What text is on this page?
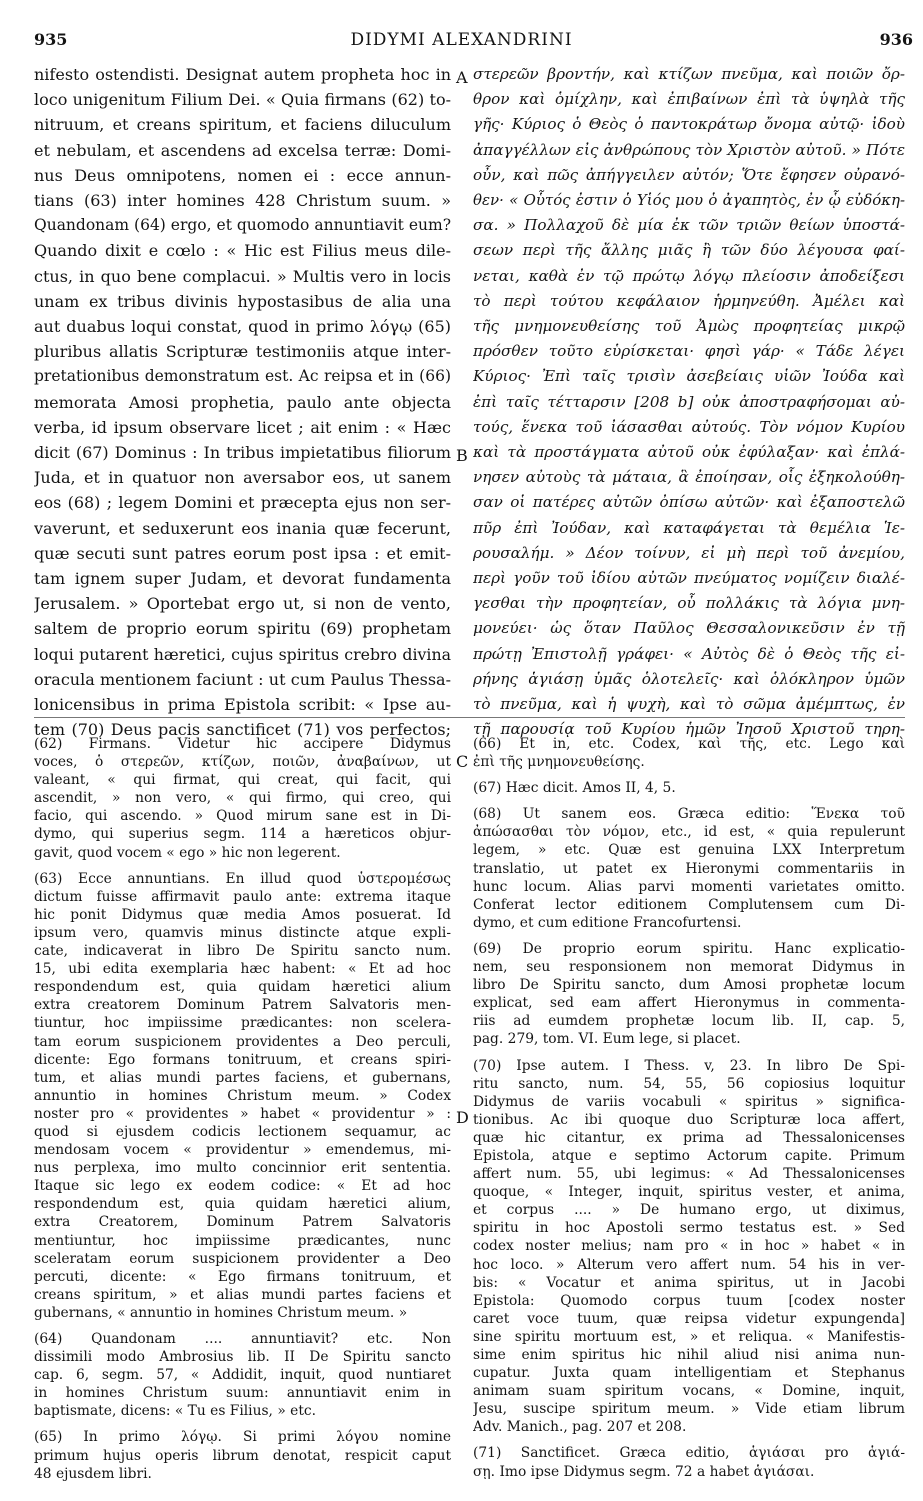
935	DIDYMI ALEXANDRINI	936
nifesto ostendisti. Designat autem propheta hoc in
loco unigenitum Filium Dei. « Quia firmans (62) to-
nitruum, et creans spiritum, et faciens diluculum
et nebulam, et ascendens ad excelsa terræ: Domi-
nus Deus omnipotens, nomen ei : ecce annun-
tians (63) inter homines 428 Christum suum. »
Quandonam (64) ergo, et quomodo annuntiavit eum?
Quando dixit e cœlo : « Hic est Filius meus dile-
ctus, in quo bene complacui. » Multis vero in locis
unam ex tribus divinis hypostasibus de alia una
aut duabus loqui constat, quod in primo λόγῳ (65)
pluribus allatis Scripturæ testimoniis atque inter-
pretationibus demonstratum est. Ac reipsa et in (66)
memorata Amosi prophetia, paulo ante objecta
verba, id ipsum observare licet ; ait enim : « Hæc
dicit (67) Dominus : In tribus impietatibus filiorum
Juda, et in quatuor non aversabor eos, ut sanem
eos (68) ; legem Domini et præcepta ejus non ser-
vaverunt, et seduxerunt eos inania quæ fecerunt,
quæ secuti sunt patres eorum post ipsa : et emit-
tam ignem super Judam, et devorat fundamenta
Jerusalem. » Oportebat ergo ut, si non de vento,
saltem de proprio eorum spiritu (69) prophetam
loqui putarent hæretici, cujus spiritus crebro divina
oracula mentionem faciunt : ut cum Paulus Thessa-
lonicensibus in prima Epistola scribit: « Ipse au-
tem (70) Deus pacis sanctificet (71) vos perfectos;
στερεῶν βροντήν, καὶ κτίζων πνεῦμα, καὶ ποιῶν ὄρ-
θρον καὶ ὁμίχλην, καὶ ἐπιβαίνων ἐπὶ τὰ ὑψηλὰ τῆς
γῆς· Κύριος ὁ Θεὸς ὁ παντοκράτωρ ὄνομα αὐτῷ· ἰδοὺ
ἀπαγγέλλων εἰς ἀνθρώπους τὸν Χριστὸν αὐτοῦ. » Πότε
οὖν, καὶ πῶς ἀπήγγειλεν αὐτόν; Ὅτε ἔφησεν οὐρανό-
θεν· « Οὗτός ἐστιν ὁ Υἱός μου ὁ ἀγαπητὸς, ἐν ᾧ εὐδόκη-
σα. » Πολλαχοῦ δὲ μία ἐκ τῶν τριῶν θείων ὑποστά-
σεων περὶ τῆς ἄλλης μιᾶς ἢ τῶν δύο λέγουσα φαί-
νεται, καθὰ ἐν τῷ πρώτῳ λόγῳ πλείοσιν ἀποδείξεσι
τὸ περὶ τούτου κεφάλαιον ἡρμηνεύθη. Ἀμέλει καὶ
τῆς μνημονευθείσης τοῦ Ἀμὼς προφητείας μικρῷ
πρόσθεν τοῦτο εὑρίσκεται· φησὶ γάρ· « Τάδε λέγει
Κύριος· Ἐπὶ ταῖς τρισὶν ἀσεβείαις υἱῶν Ἰούδα καὶ
ἐπὶ ταῖς τέτταρσιν [208 b] οὐκ ἀποστραφήσομαι αὐ-
τούς, ἕνεκα τοῦ ἰάσασθαι αὐτούς. Τὸν νόμον Κυρίου
καὶ τὰ προστάγματα αὐτοῦ οὐκ ἐφύλαξαν· καὶ ἐπλά-
νησεν αὐτοὺς τὰ μάταια, ἃ ἐποίησαν, οἷς ἐξηκολούθη-
σαν οἱ πατέρες αὐτῶν ὀπίσω αὐτῶν· καὶ ἐξαποστελῶ
πῦρ ἐπὶ Ἰούδαν, καὶ καταφάγεται τὰ θεμέλια Ἱε-
ρουσαλήμ. » Δέον τοίνυν, εἰ μὴ περὶ τοῦ ἀνεμίου,
περὶ γοῦν τοῦ ἰδίου αὐτῶν πνεύματος νομίζειν διαλέ-
γεσθαι τὴν προφητείαν, οὗ πολλάκις τὰ λόγια μνη-
μονεύει· ὡς ὅταν Παῦλος Θεσσαλονικεῦσιν ἐν τῇ
πρώτῃ Ἐπιστολῇ γράφει· « Αὐτὸς δὲ ὁ Θεὸς τῆς εἰ-
ρήνης ἁγιάσῃ ὑμᾶς ὁλοτελεῖς· καὶ ὁλόκληρον ὑμῶν
τὸ πνεῦμα, καὶ ἡ ψυχὴ, καὶ τὸ σῶμα ἀμέμπτως, ἐν
τῇ παρουσίᾳ τοῦ Κυρίου ἡμῶν Ἰησοῦ Χριστοῦ τηρη-
A
B
C
D
(62) Firmans. Videtur hic accipere Didymus
voces, ὁ στερεῶν, κτίζων, ποιῶν, ἀναβαίνων, ut
valeant, « qui firmat, qui creat, qui facit, qui
ascendit, » non vero, « qui firmo, qui creo, qui
facio, qui ascendo. » Quod mirum sane est in Di-
dymo, qui superius segm. 114 a hæreticos objur-
gavit, quod vocem « ego » hic non legerent.
(63) Ecce annuntians. En illud quod ὑστερομέσως
dictum fuisse affirmavit paulo ante: extrema itaque
hic ponit Didymus quæ media Amos posuerat. Id
ipsum vero, quamvis minus distincte atque expli-
cate, indicaverat in libro De Spiritu sancto num.
15, ubi edita exemplaria hæc habent: « Et ad hoc
respondendum est, quia quidam hæretici alium
extra creatorem Dominum Patrem Salvatoris men-
tiuntur, hoc impiissime prædicantes: non scelera-
tam eorum suspicionem providentes a Deo perculi,
dicente: Ego formans tonitruum, et creans spiri-
tum, et alias mundi partes faciens, et gubernans,
annuntio in homines Christum meum. » Codex
noster pro « providentes » habet « providentur » :
quod si ejusdem codicis lectionem sequamur, ac
mendosam vocem « providentur » emendemus, mi-
nus perplexa, imo multo concinnior erit sententia.
Itaque sic lego ex eodem codice: « Et ad hoc
respondendum est, quia quidam hæretici alium,
extra Creatorem, Dominum Patrem Salvatoris
mentiuntur, hoc impiissime prædicantes, nunc
sceleratam eorum suspicionem providenter a Deo
percuti, dicente: « Ego firmans tonitruum, et
creans spiritum, » et alias mundi partes faciens et
gubernans, « annuntio in homines Christum meum. »
(64) Quandonam .... annuntiavit? etc. Non
dissimili modo Ambrosius lib. II De Spiritu sancto
cap. 6, segm. 57, « Addidit, inquit, quod nuntiaret
in homines Christum suum: annuntiavit enim in
baptismate, dicens: « Tu es Filius, » etc.
(65) In primo λόγῳ. Si primi λόγου nomine
primum hujus operis librum denotat, respicit caput
48 ejusdem libri.
(66) Et in, etc. Codex, καὶ τῆς, etc. Lego καὶ
ἐπὶ τῆς μνημονευθείσης.
(67) Hæc dicit. Amos II, 4, 5.
(68) Ut sanem eos. Græca editio: Ἕνεκα τοῦ
ἀπώσασθαι τὸν νόμον, etc., id est, « quia repulerunt
legem, » etc. Quæ est genuina LXX Interpretum
translatio, ut patet ex Hieronymi commentariis in
hunc locum. Alias parvi momenti varietates omitto.
Conferat lector editionem Complutensem cum Di-
dymo, et cum editione Francofurtensi.
(69) De proprio eorum spiritu. Hanc explicatio-
nem, seu responsionem non memorat Didymus in
libro De Spiritu sancto, dum Amosi prophetæ locum
explicat, sed eam affert Hieronymus in commenta-
riis ad eumdem prophetæ locum lib. II, cap. 5,
pag. 279, tom. VI. Eum lege, si placet.
(70) Ipse autem. I Thess. v, 23. In libro De Spi-
ritu sancto, num. 54, 55, 56 copiosius loquitur
Didymus de variis vocabuli « spiritus » significa-
tionibus. Ac ibi quoque duo Scripturæ loca affert,
quæ hic citantur, ex prima ad Thessalonicenses
Epistola, atque e septimo Actorum capite. Primum
affert num. 55, ubi legimus: « Ad Thessalonicenses
quoque, « Integer, inquit, spiritus vester, et anima,
et corpus .... » De humano ergo, ut diximus,
spiritu in hoc Apostoli sermo testatus est. » Sed
codex noster melius; nam pro « in hoc » habet « in
hoc loco. » Alterum vero affert num. 54 his in ver-
bis: « Vocatur et anima spiritus, ut in Jacobi
Epistola: Quomodo corpus tuum [codex noster
caret voce tuum, quæ reipsa videtur expungenda]
sine spiritu mortuum est, » et reliqua. « Manifestis-
sime enim spiritus hic nihil aliud nisi anima nun-
cupatur. Juxta quam intelligentiam et Stephanus
animam suam spiritum vocans, « Domine, inquit,
Jesu, suscipe spiritum meum. » Vide etiam librum
Adv. Manich., pag. 207 et 208.
(71) Sanctificet. Græca editio, ἁγιάσαι pro ἁγιά-
σῃ. Imo ipse Didymus segm. 72 a habet ἁγιάσαι.
